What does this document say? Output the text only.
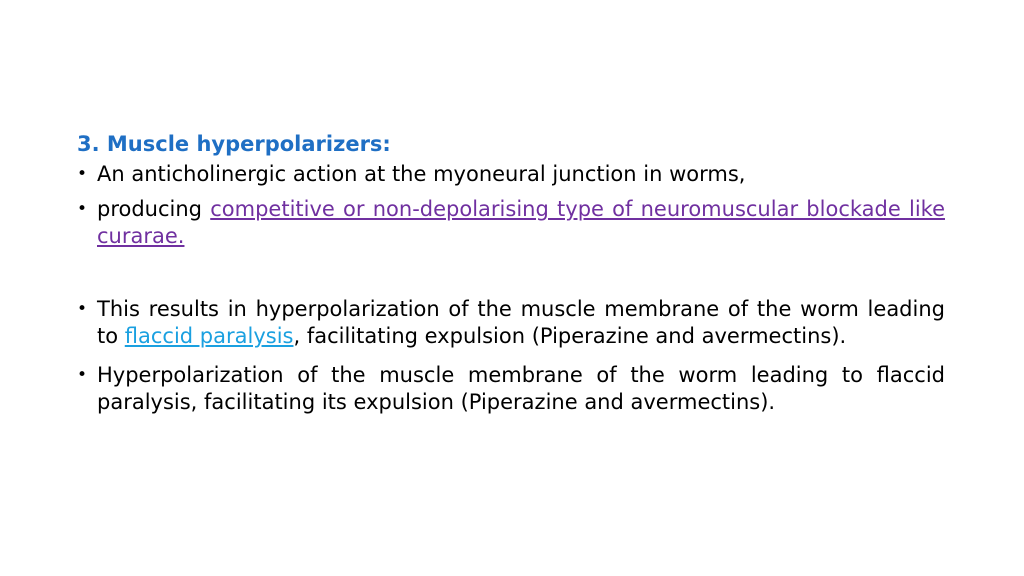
3. Muscle hyperpolarizers:

• An anticholinergic action at the myoneural junction in worms,
• producing competitive or non-depolarising type of neuromuscular blockade like curarae.
• This results in hyperpolarization of the muscle membrane of the worm leading to flaccid paralysis, facilitating expulsion (Piperazine and avermectins).
• Hyperpolarization of the muscle membrane of the worm leading to flaccid paralysis, facilitating its expulsion (Piperazine and avermectins).
